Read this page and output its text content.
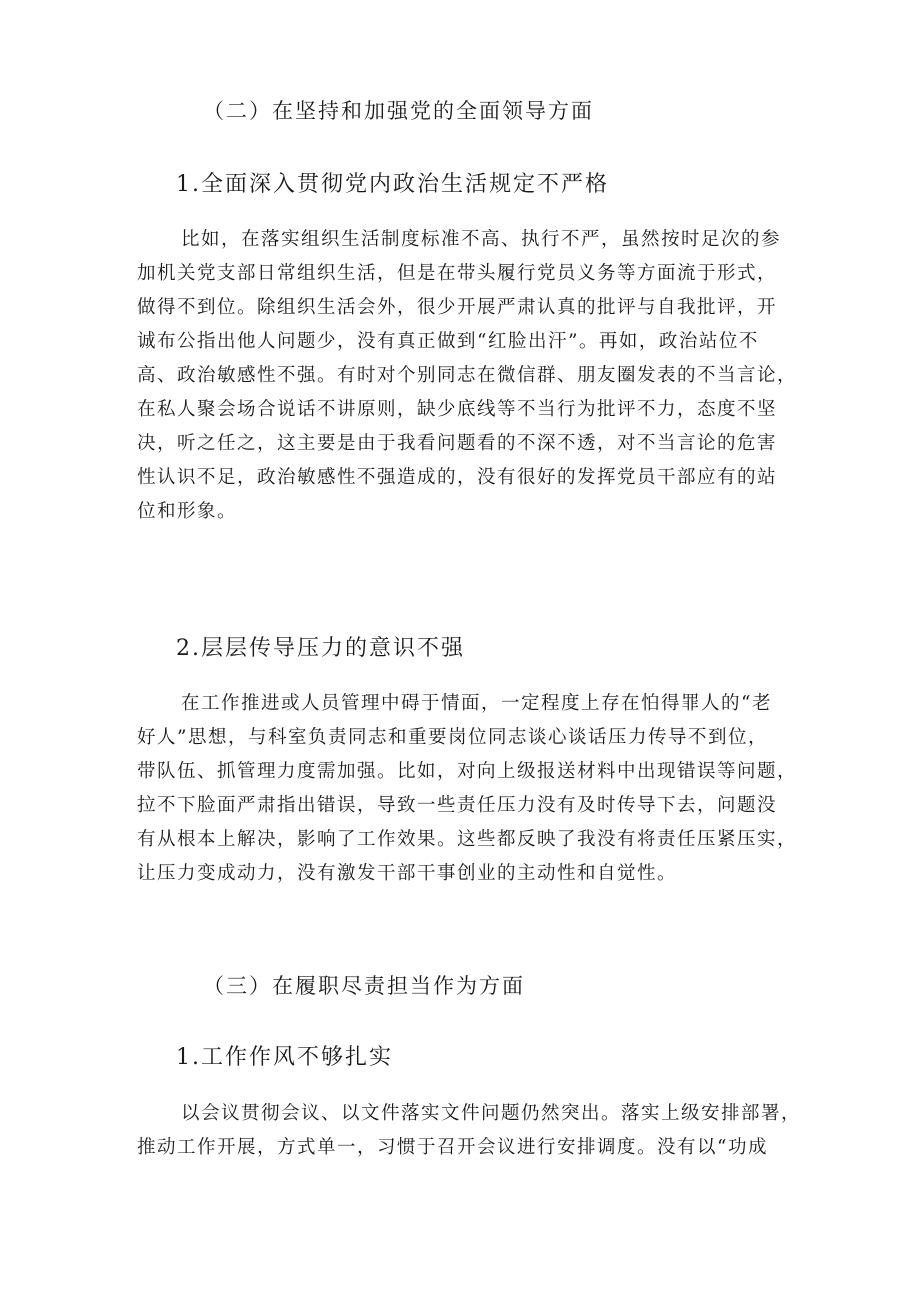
（二）在坚持和加强党的全面领导方面
1.全面深入贯彻党内政治生活规定不严格
比如，在落实组织生活制度标准不高、执行不严，虽然按时足次的参
加机关党支部日常组织生活，但是在带头履行党员义务等方面流于形式，
做得不到位。除组织生活会外，很少开展严肃认真的批评与自我批评，开
诚布公指出他人问题少，没有真正做到“红脸出汗”。再如，政治站位不
高、政治敏感性不强。有时对个别同志在微信群、朋友圈发表的不当言论，
在私人聚会场合说话不讲原则，缺少底线等不当行为批评不力，态度不坚
决，听之任之，这主要是由于我看问题看的不深不透，对不当言论的危害
性认识不足，政治敏感性不强造成的，没有很好的发挥党员干部应有的站
位和形象。
2.层层传导压力的意识不强
在工作推进或人员管理中碍于情面，一定程度上存在怕得罪人的“老
好人”思想，与科室负责同志和重要岗位同志谈心谈话压力传导不到位，
带队伍、抓管理力度需加强。比如，对向上级报送材料中出现错误等问题，
拉不下脸面严肃指出错误，导致一些责任压力没有及时传导下去，问题没
有从根本上解决，影响了工作效果。这些都反映了我没有将责任压紧压实，
让压力变成动力，没有激发干部干事创业的主动性和自觉性。
（三）在履职尽责担当作为方面
1.工作作风不够扎实
以会议贯彻会议、以文件落实文件问题仍然突出。落实上级安排部署，
推动工作开展，方式单一，习惯于召开会议进行安排调度。没有以“功成
